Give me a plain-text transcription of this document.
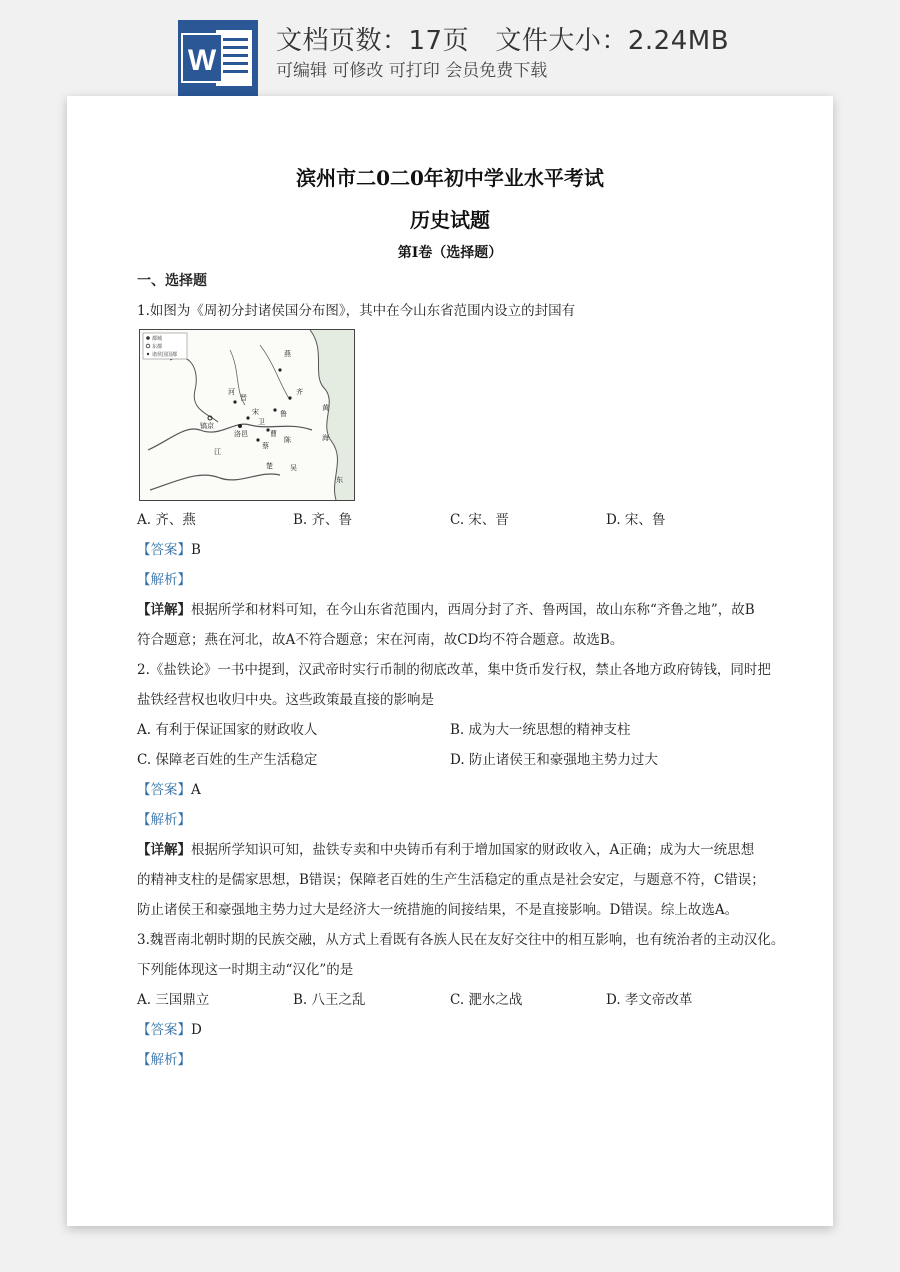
W
文档页数：17页   文件大小：2.24MB
可编辑 可修改 可打印 会员免费下载
滨州市二0二0年初中学业水平考试
历史试题
第I卷（选择题）
一、选择题
1.如图为《周初分封诸侯国分布图》，其中在今山东省范围内设立的封国有
都城
东都
诸侯国国都	燕
齐
鲁
宋
晋
镐京
洛邑
河
江
黄
海
东
蔡
卫
楚 吴
曹
陈
A. 齐、燕	B. 齐、鲁	C. 宋、晋	D. 宋、鲁
【答案】B
【解析】
【详解】根据所学和材料可知，在今山东省范围内，西周分封了齐、鲁两国，故山东称“齐鲁之地”，故B
符合题意；燕在河北，故A不符合题意；宋在河南，故CD均不符合题意。故选B。
2.《盐铁论》一书中提到，汉武帝时实行币制的彻底改革，集中货币发行权，禁止各地方政府铸钱，同时把
盐铁经营权也收归中央。这些政策最直接的影响是
A. 有利于保证国家的财政收人	B. 成为大一统思想的精神支柱
C. 保障老百姓的生产生活稳定	D. 防止诸侯王和豪强地主势力过大
【答案】A
【解析】
【详解】根据所学知识可知，盐铁专卖和中央铸币有利于增加国家的财政收入，A正确；成为大一统思想
的精神支柱的是儒家思想，B错误；保障老百姓的生产生活稳定的重点是社会安定，与题意不符，C错误；
防止诸侯王和豪强地主势力过大是经济大一统措施的间接结果，不是直接影响。D错误。综上故选A。
3.魏晋南北朝时期的民族交融，从方式上看既有各族人民在友好交往中的相互影响，也有统治者的主动汉化。
下列能体现这一时期主动“汉化”的是
A. 三国鼎立	B. 八王之乱	C. 淝水之战	D. 孝文帝改革
【答案】D
【解析】
